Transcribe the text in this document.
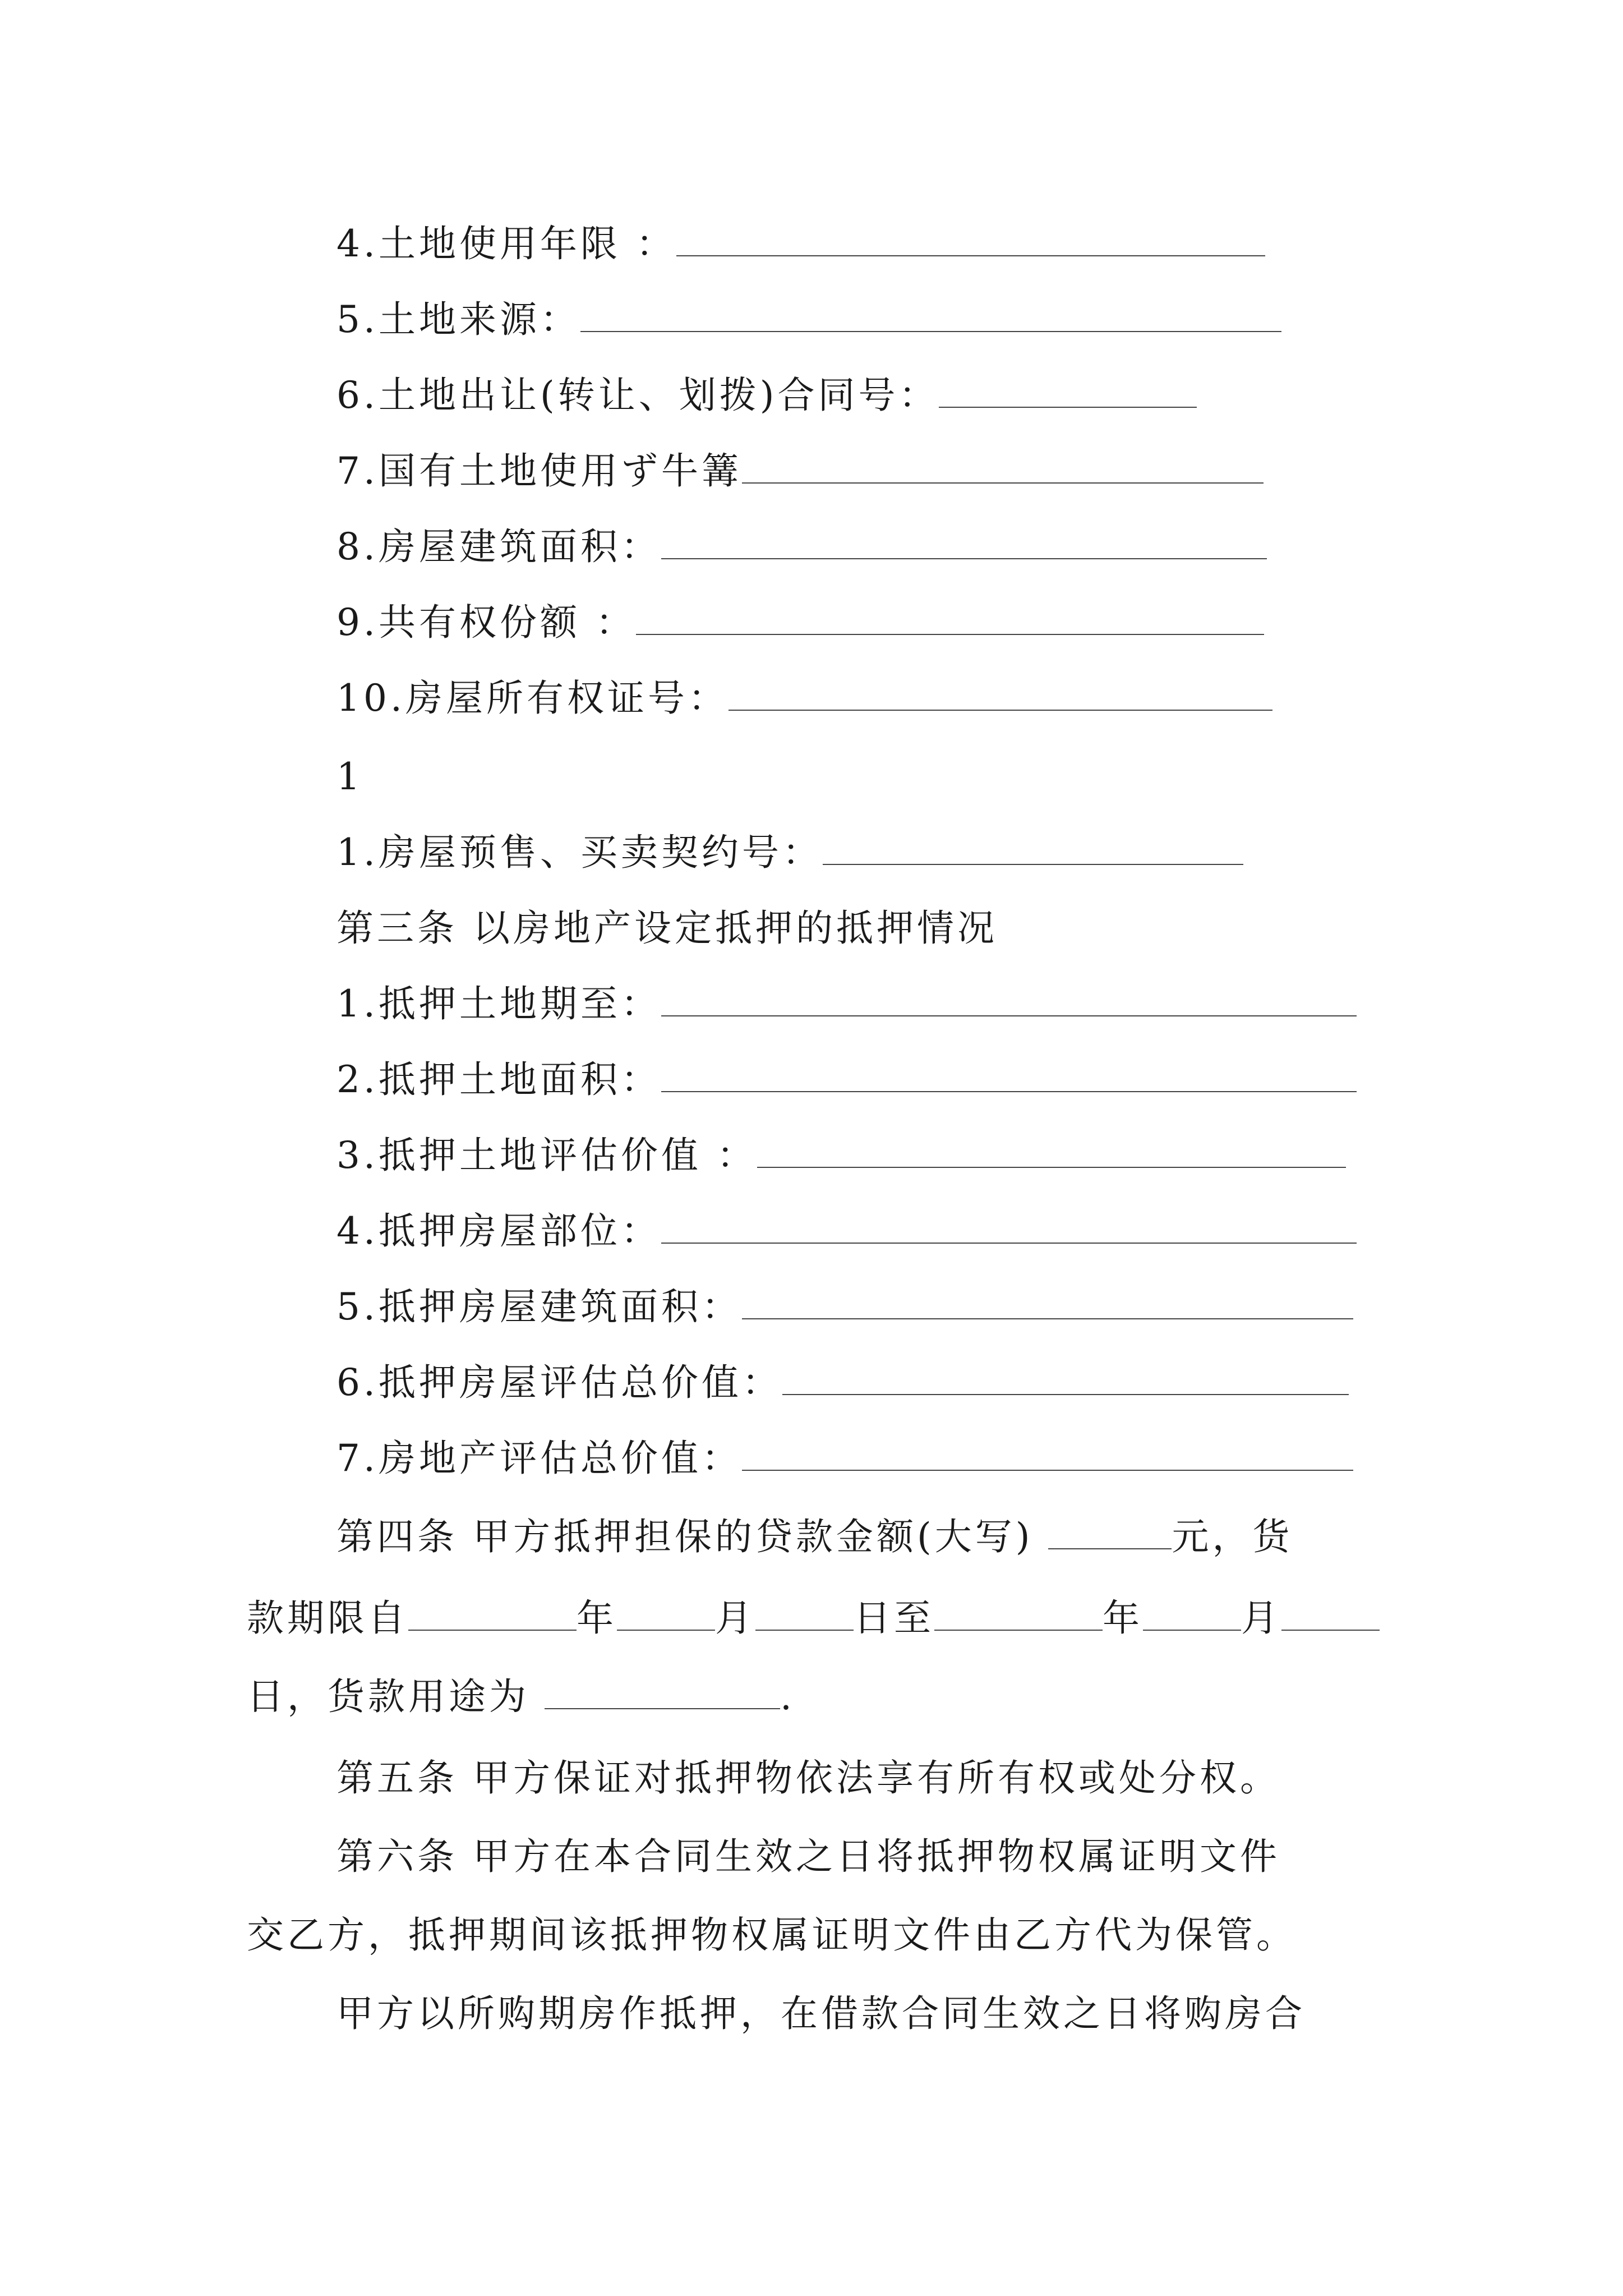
4.土地使用年限 ：
5.土地来源：
6.土地出让(转让、划拨)合同号：
7.国有土地使用ず牛篝
8.房屋建筑面积：
9.共有权份额 ：
10.房屋所有权证号：
1
1.房屋预售、买卖契约号：
第三条 以房地产设定抵押的抵押情况
1.抵押土地期至：
2.抵押土地面积：
3.抵押土地评估价值 ：
4.抵押房屋部位：
5.抵押房屋建筑面积：
6.抵押房屋评估总价值：
7.房地产评估总价值：
第四条 甲方抵押担保的贷款金额(大写)	元，货
款期限自	年	月	日至	年	月
日，货款用途为	.
第五条 甲方保证对抵押物依法享有所有权或处分权。
第六条 甲方在本合同生效之日将抵押物权属证明文件
交乙方，抵押期间该抵押物权属证明文件由乙方代为保管。
甲方以所购期房作抵押，在借款合同生效之日将购房合
